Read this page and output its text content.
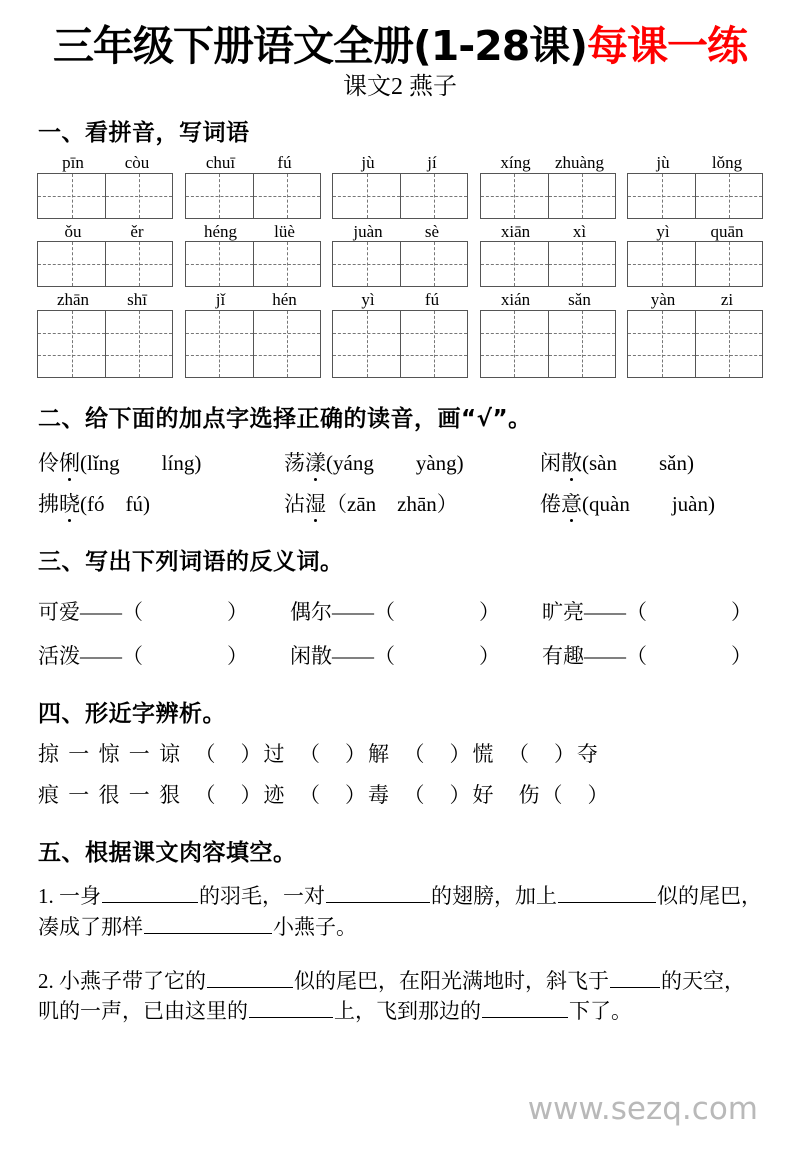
三年级下册语文全册(1-28课)每课一练
课文2 燕子
一、看拼音，写词语
pīn	còu	chuī	fú	jù	jí	xíng	zhuàng	jù	lǒng
ǒu	ěr	héng	lüè	juàn	sè	xiān	xì	yì	quān
zhān	shī	jǐ	hén	yì	fú	xián	sǎn	yàn	zi
二、给下面的加点字选择正确的读音，画“√”。
伶俐(lǐng　　líng)	荡漾(yáng　　yàng)	闲散(sàn　　sǎn)
拂晓(fó　fú)	沾湿（zān　zhān）	倦意(quàn　　juàn)
三、写出下列词语的反义词。
可爱——（　　　　）	偶尔——（　　　　）	旷亮——（　　　　）
活泼——（　　　　）	闲散——（　　　　）	有趣——（　　　　）
四、形近字辨析。
掠 一 惊 一 谅　（　）过　（　）解　（　）慌　（　）夺
痕 一 很 一 狠　（　）迹　（　）毒　（　）好　伤（　）
五、根据课文肉容填空。
1. 一身	的羽毛，一对	的翅膀，加上	似的尾巴，凑成了那样	小燕子。
2. 小燕子带了它的	似的尾巴，在阳光满地时，斜飞于 的天空，叽的一声，已由这里的	上，飞到那边的	下了。
www.sezq.com
